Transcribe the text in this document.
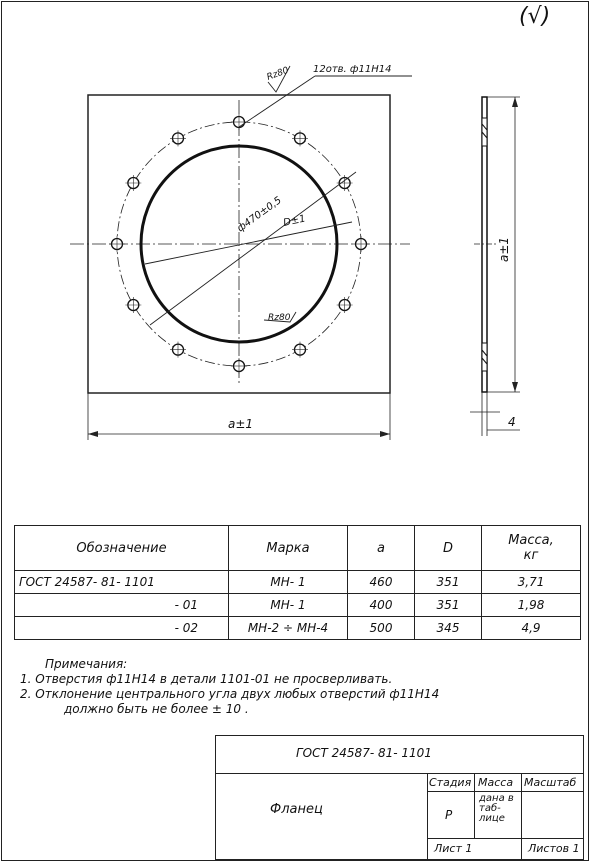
(√)
Rz80 12отв. ф11Н14
ф470±0,5
D±1
Rz80
а±1
а±1
4
Обозначение	Марка	a	D	Масса,
кг
ГОСТ 24587- 81- 1101	МН- 1	460	351	3,71
- 01	МН- 1	400	351	1,98
- 02	МН-2 ÷ МН-4	500	345	4,9
Примечания:
1. Отверстия ф11Н14 в детали 1101-01 не просверливать.
2. Отклонение центрального угла двух любых отверстий ф11Н14
должно быть не более ± 10 .
ГОСТ 24587- 81- 1101
Фланец
Стадия Масса Масштаб
Р
дана в таб- лице
Лист 1	Листов 1
